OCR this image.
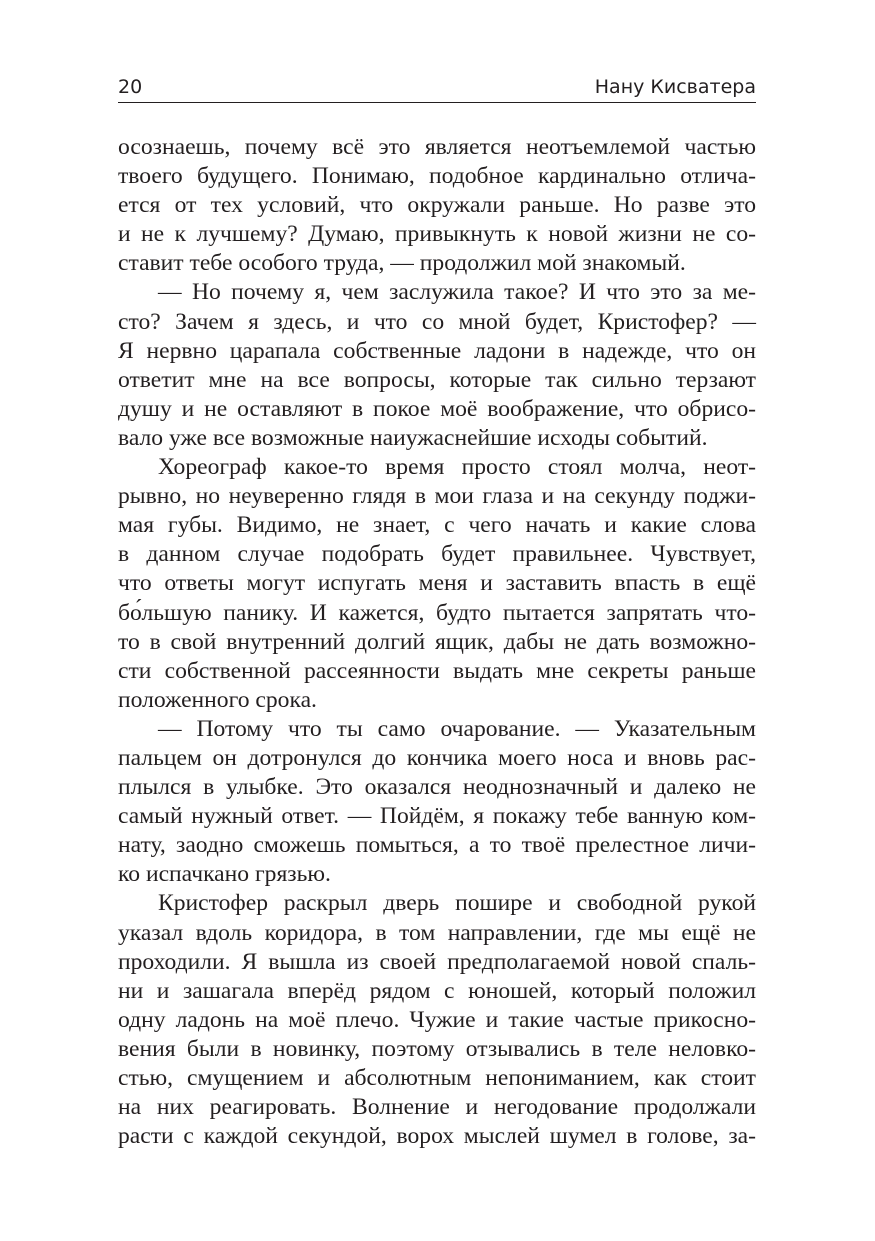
20	Нану Кисватера
осознаешь, почему всё это является неотъемлемой частью
твоего будущего. Понимаю, подобное кардинально отлича-
ется от тех условий, что окружали раньше. Но разве это
и не к лучшему? Думаю, привыкнуть к новой жизни не со-
ставит тебе особого труда, — продолжил мой знакомый.
— Но почему я, чем заслужила такое? И что это за ме-
сто? Зачем я здесь, и что со мной будет, Кристофер? —
Я нервно царапала собственные ладони в надежде, что он
ответит мне на все вопросы, которые так сильно терзают
душу и не оставляют в покое моё воображение, что обрисо-
вало уже все возможные наиужаснейшие исходы событий.
Хореограф какое-то время просто стоял молча, неот-
рывно, но неуверенно глядя в мои глаза и на секунду поджи-
мая губы. Видимо, не знает, с чего начать и какие слова
в данном случае подобрать будет правильнее. Чувствует,
что ответы могут испугать меня и заставить впасть в ещё
бо́льшую панику. И кажется, будто пытается запрятать что-
то в свой внутренний долгий ящик, дабы не дать возможно-
сти собственной рассеянности выдать мне секреты раньше
положенного срока.
— Потому что ты само очарование. — Указательным
пальцем он дотронулся до кончика моего носа и вновь рас-
плылся в улыбке. Это оказался неоднозначный и далеко не
самый нужный ответ. — Пойдём, я покажу тебе ванную ком-
нату, заодно сможешь помыться, а то твоё прелестное личи-
ко испачкано грязью.
Кристофер раскрыл дверь пошире и свободной рукой
указал вдоль коридора, в том направлении, где мы ещё не
проходили. Я вышла из своей предполагаемой новой спаль-
ни и зашагала вперёд рядом с юношей, который положил
одну ладонь на моё плечо. Чужие и такие частые прикосно-
вения были в новинку, поэтому отзывались в теле неловко-
стью, смущением и абсолютным непониманием, как стоит
на них реагировать. Волнение и негодование продолжали
расти с каждой секундой, ворох мыслей шумел в голове, за-
